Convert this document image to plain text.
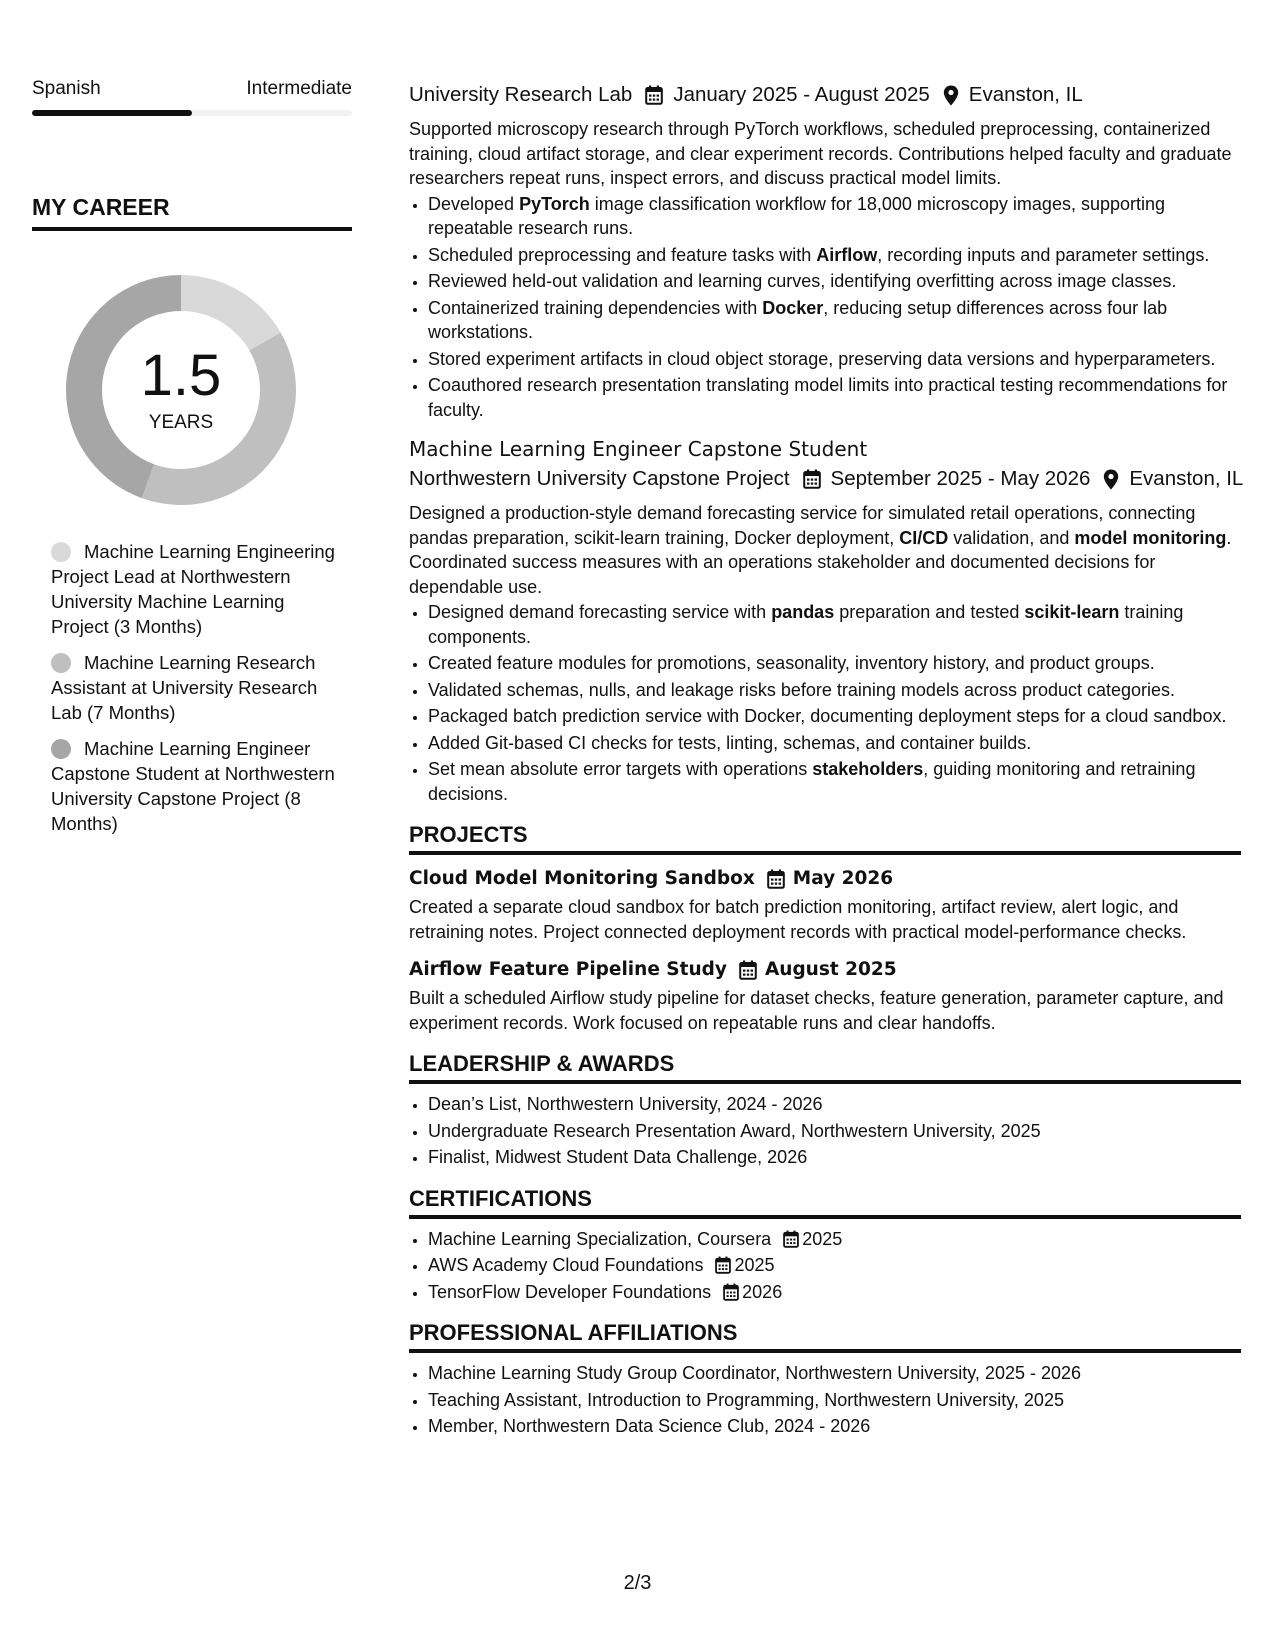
Spanish	Intermediate
MY CAREER
1.5
YEARS
Machine Learning Engineering Project Lead at Northwestern University Machine Learning Project (3 Months)
Machine Learning Research Assistant at University Research Lab (7 Months)
Machine Learning Engineer Capstone Student at Northwestern University Capstone Project (8 Months)
University Research Lab January 2025 - August 2025 Evanston, IL
Supported microscopy research through PyTorch workflows, scheduled preprocessing, containerized training, cloud artifact storage, and clear experiment records. Contributions helped faculty and graduate researchers repeat runs, inspect errors, and discuss practical model limits.
• Developed PyTorch image classification workflow for 18,000 microscopy images, supporting repeatable research runs.
• Scheduled preprocessing and feature tasks with Airflow, recording inputs and parameter settings.
• Reviewed held-out validation and learning curves, identifying overfitting across image classes.
• Containerized training dependencies with Docker, reducing setup differences across four lab workstations.
• Stored experiment artifacts in cloud object storage, preserving data versions and hyperparameters.
• Coauthored research presentation translating model limits into practical testing recommendations for faculty.
Machine Learning Engineer Capstone Student
Northwestern University Capstone Project September 2025 - May 2026 Evanston, IL
Designed a production-style demand forecasting service for simulated retail operations, connecting pandas preparation, scikit-learn training, Docker deployment, CI/CD validation, and model monitoring. Coordinated success measures with an operations stakeholder and documented decisions for dependable use.
• Designed demand forecasting service with pandas preparation and tested scikit-learn training components.
• Created feature modules for promotions, seasonality, inventory history, and product groups.
• Validated schemas, nulls, and leakage risks before training models across product categories.
• Packaged batch prediction service with Docker, documenting deployment steps for a cloud sandbox.
• Added Git-based CI checks for tests, linting, schemas, and container builds.
• Set mean absolute error targets with operations stakeholders, guiding monitoring and retraining decisions.
PROJECTS
Cloud Model Monitoring Sandbox May 2026
Created a separate cloud sandbox for batch prediction monitoring, artifact review, alert logic, and retraining notes. Project connected deployment records with practical model-performance checks.
Airflow Feature Pipeline Study August 2025
Built a scheduled Airflow study pipeline for dataset checks, feature generation, parameter capture, and experiment records. Work focused on repeatable runs and clear handoffs.
LEADERSHIP & AWARDS
• Dean’s List, Northwestern University, 2024 - 2026
• Undergraduate Research Presentation Award, Northwestern University, 2025
• Finalist, Midwest Student Data Challenge, 2026
CERTIFICATIONS
• Machine Learning Specialization, Coursera 2025
• AWS Academy Cloud Foundations 2025
• TensorFlow Developer Foundations 2026
PROFESSIONAL AFFILIATIONS
• Machine Learning Study Group Coordinator, Northwestern University, 2025 - 2026
• Teaching Assistant, Introduction to Programming, Northwestern University, 2025
• Member, Northwestern Data Science Club, 2024 - 2026
2/3
